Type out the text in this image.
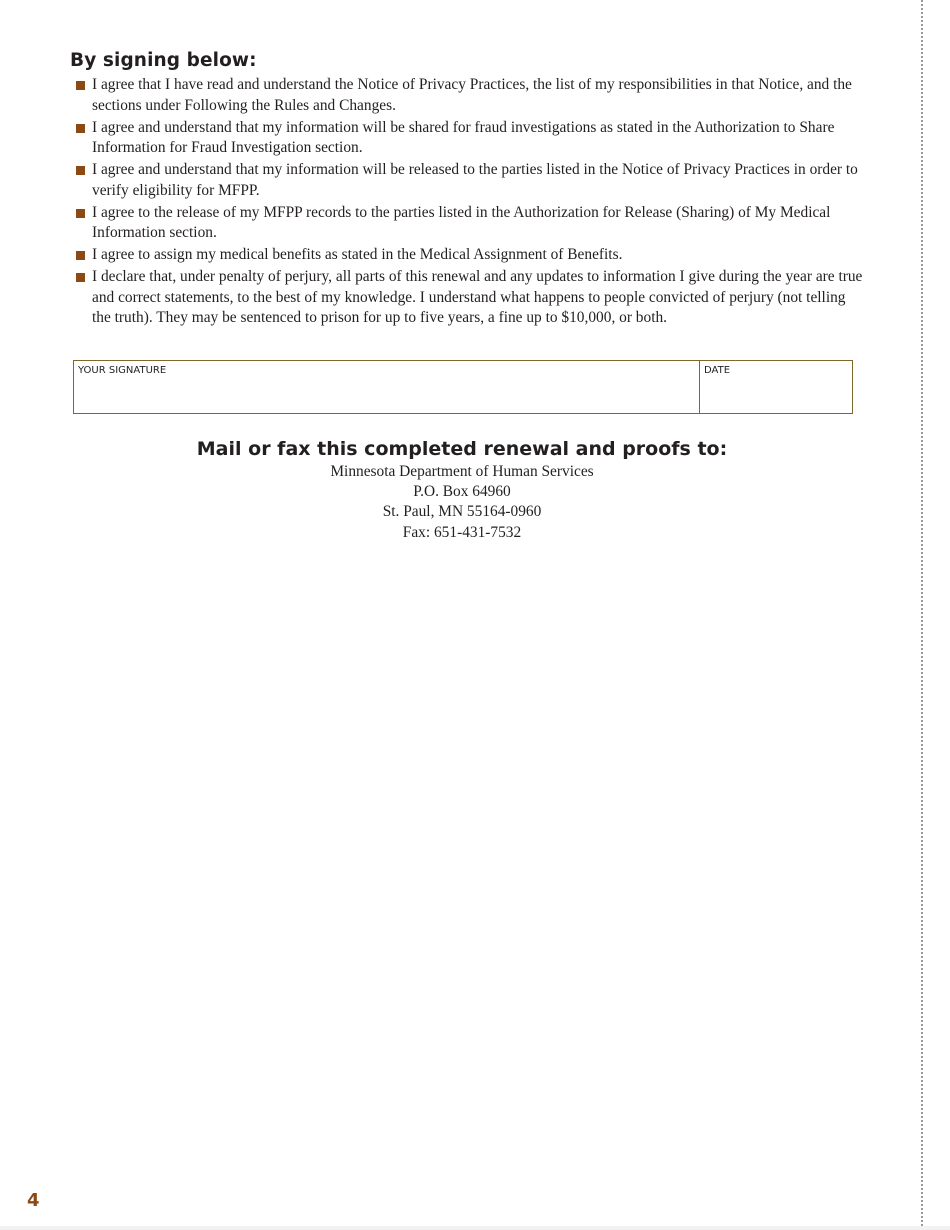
By signing below:
I agree that I have read and understand the Notice of Privacy Practices, the list of my responsibilities in that Notice, and the sections under Following the Rules and Changes.
I agree and understand that my information will be shared for fraud investigations as stated in the Authorization to Share Information for Fraud Investigation section.
I agree and understand that my information will be released to the parties listed in the Notice of Privacy Practices in order to verify eligibility for MFPP.
I agree to the release of my MFPP records to the parties listed in the Authorization for Release (Sharing) of My Medical Information section.
I agree to assign my medical benefits as stated in the Medical Assignment of Benefits.
I declare that, under penalty of perjury, all parts of this renewal and any updates to information I give during the year are true and correct statements, to the best of my knowledge. I understand what happens to people convicted of perjury (not telling the truth). They may be sentenced to prison for up to five years, a fine up to $10,000, or both.
YOUR SIGNATURE	DATE
Mail or fax this completed renewal and proofs to:
Minnesota Department of Human Services
P.O. Box 64960
St. Paul, MN 55164-0960
Fax: 651-431-7532
4
